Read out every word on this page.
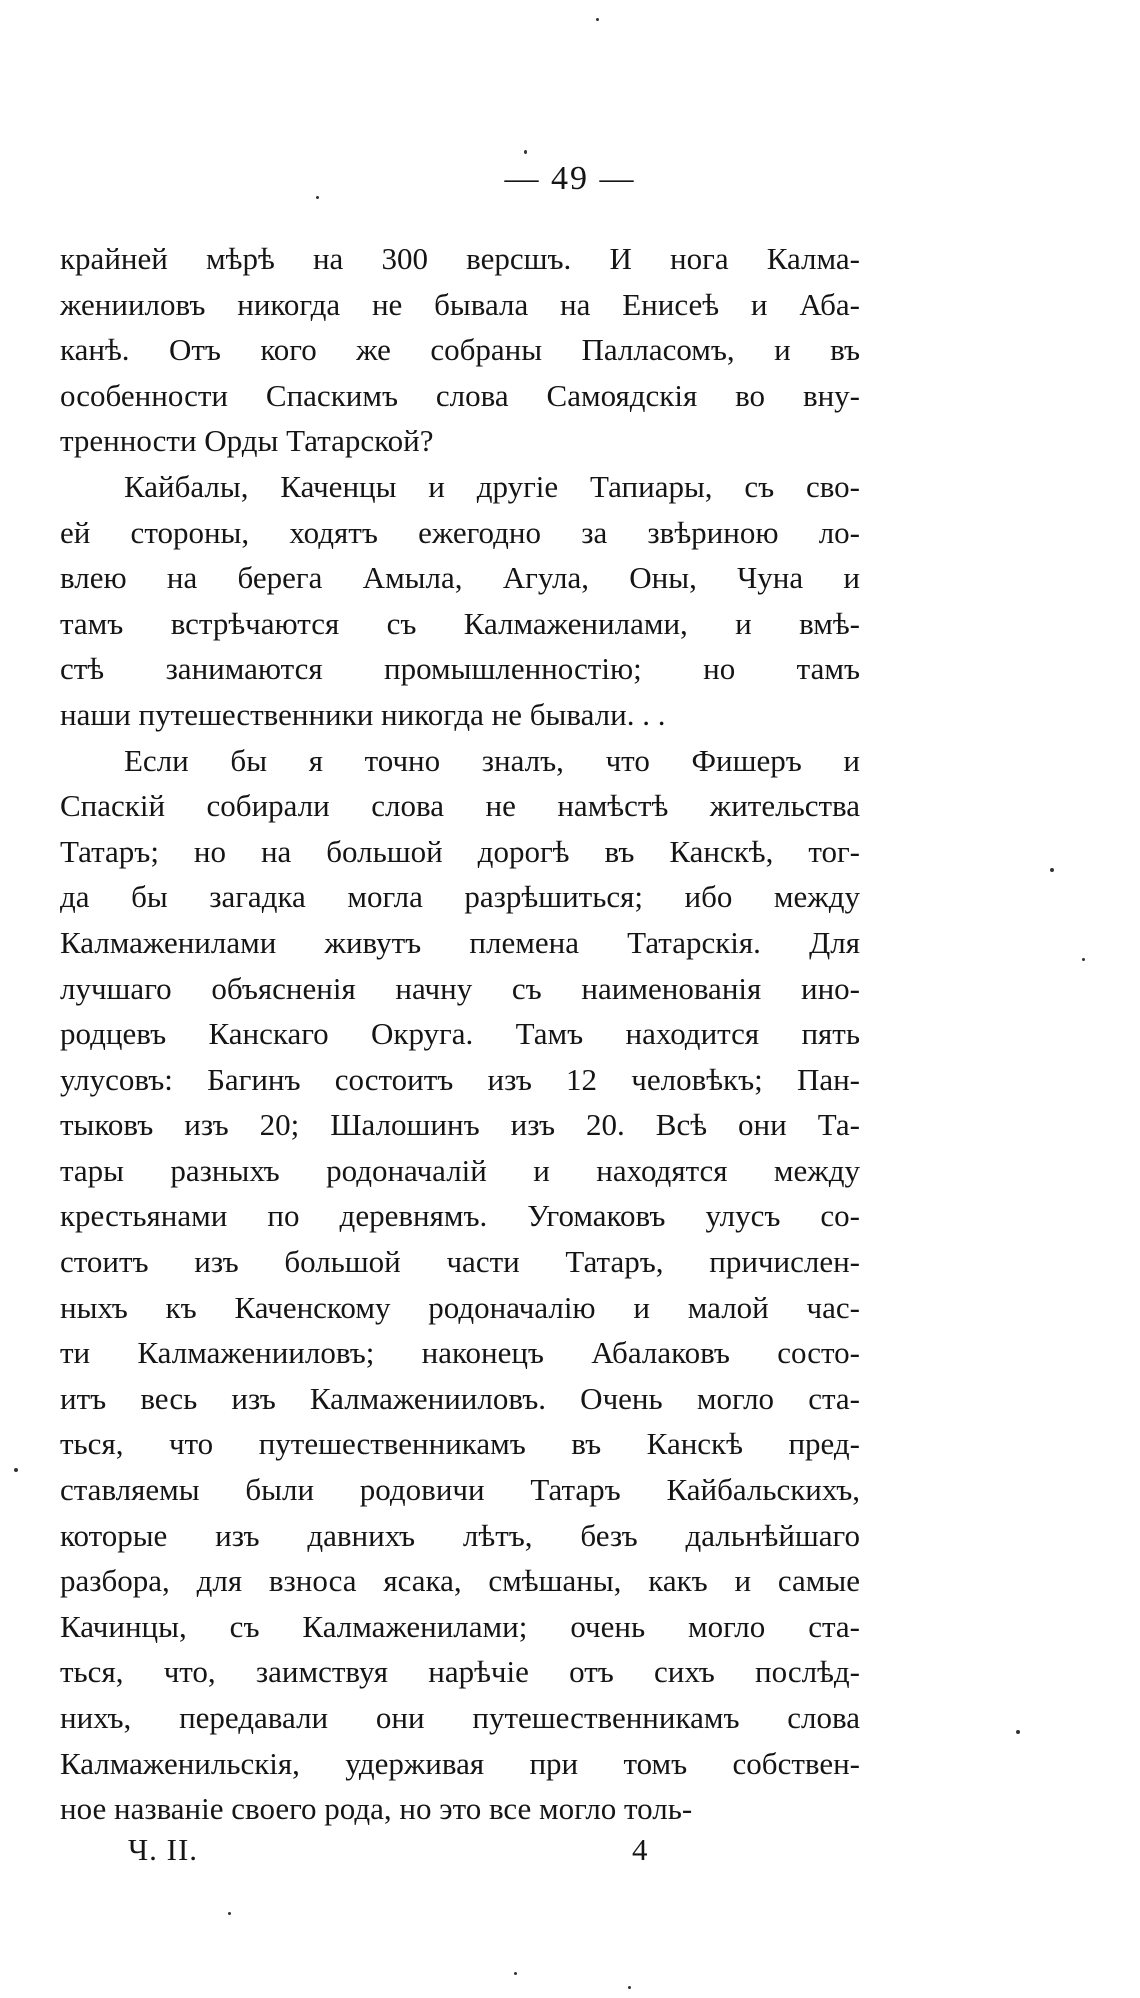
— 49 —
крайней мѣрѣ на 300 версшъ. И нога Калма-
женииловъ никогда не бывала на Енисеѣ и Аба-
канѣ. Отъ кого же собраны Палласомъ, и въ
особенности Спаскимъ слова Самоядскія во вну-
тренности Орды Татарской?
Кайбалы, Каченцы и другіе Тапиары, съ сво-
ей стороны, ходятъ ежегодно за звѣриною ло-
влею на берега Амыла, Агула, Оны, Чуна и
тамъ встрѣчаются съ Калмаженилами, и вмѣ-
стѣ занимаются промышленностію; но тамъ
наши путешественники никогда не бывали. . .
Если бы я точно зналъ, что Фишеръ и
Спаскій собирали слова не намѣстѣ жительства
Татаръ; но на большой дорогѣ въ Канскѣ, тог-
да бы загадка могла разрѣшиться; ибо между
Калмаженилами живутъ племена Татарскія. Для
лучшаго объясненія начну съ наименованія ино-
родцевъ Канскаго Округа. Тамъ находится пять
улусовъ: Багинъ состоитъ изъ 12 человѣкъ; Пан-
тыковъ изъ 20; Шалошинъ изъ 20. Всѣ они Та-
тары разныхъ родоначалій и находятся между
крестьянами по деревнямъ. Угомаковъ улусъ со-
стоитъ изъ большой части Татаръ, причислен-
ныхъ къ Каченскому родоначалію и малой час-
ти Калмаженииловъ; наконецъ Абалаковъ состо-
итъ весь изъ Калмаженииловъ. Очень могло ста-
ться, что путешественникамъ въ Канскѣ пред-
ставляемы были родовичи Татаръ Кайбальскихъ,
которые изъ давнихъ лѣтъ, безъ дальнѣйшаго
разбора, для взноса ясака, смѣшаны, какъ и самые
Качинцы, съ Калмаженилами; очень могло ста-
ться, что, заимствуя нарѣчіе отъ сихъ послѣд-
нихъ, передавали они путешественникамъ слова
Калмаженильскія, удерживая при томъ собствен-
ное названіе своего рода, но это все могло толь-
Ч. II.	4
